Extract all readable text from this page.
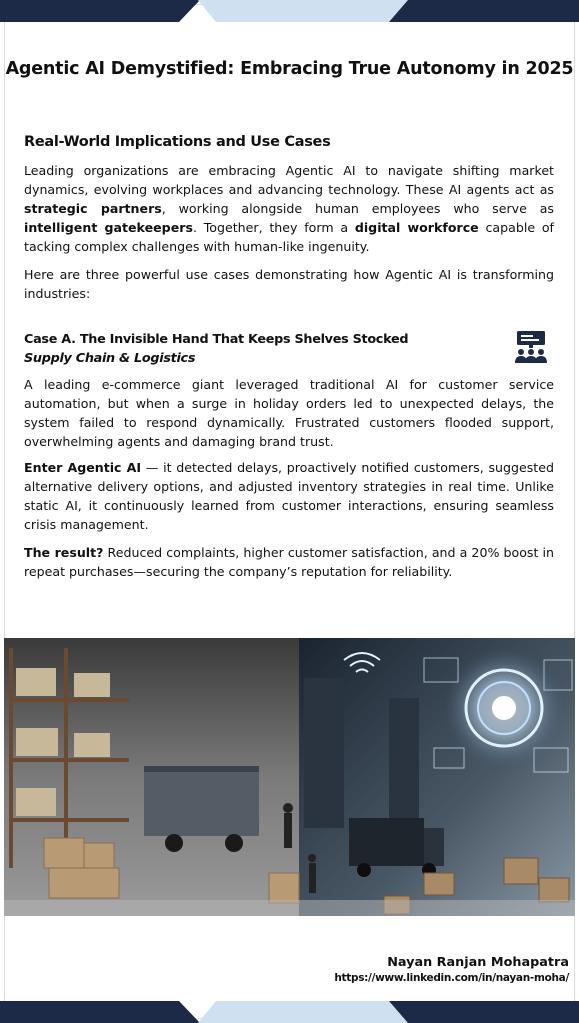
Agentic AI Demystified: Embracing True Autonomy in 2025
Real-World Implications and Use Cases
Leading organizations are embracing Agentic AI to navigate shifting market dynamics, evolving workplaces and advancing technology. These AI agents act as strategic partners, working alongside human employees who serve as intelligent gatekeepers. Together, they form a digital workforce capable of tacking complex challenges with human-like ingenuity.
Here are three powerful use cases demonstrating how Agentic AI is transforming industries:
Case A. The Invisible Hand That Keeps Shelves Stocked
Supply Chain & Logistics
A leading e-commerce giant leveraged traditional AI for customer service automation, but when a surge in holiday orders led to unexpected delays, the system failed to respond dynamically. Frustrated customers flooded support, overwhelming agents and damaging brand trust.
Enter Agentic AI — it detected delays, proactively notified customers, suggested alternative delivery options, and adjusted inventory strategies in real time. Unlike static AI, it continuously learned from customer interactions, ensuring seamless crisis management.
The result? Reduced complaints, higher customer satisfaction, and a 20% boost in repeat purchases—securing the company’s reputation for reliability.
Nayan Ranjan Mohapatra
https://www.linkedin.com/in/nayan-moha/
